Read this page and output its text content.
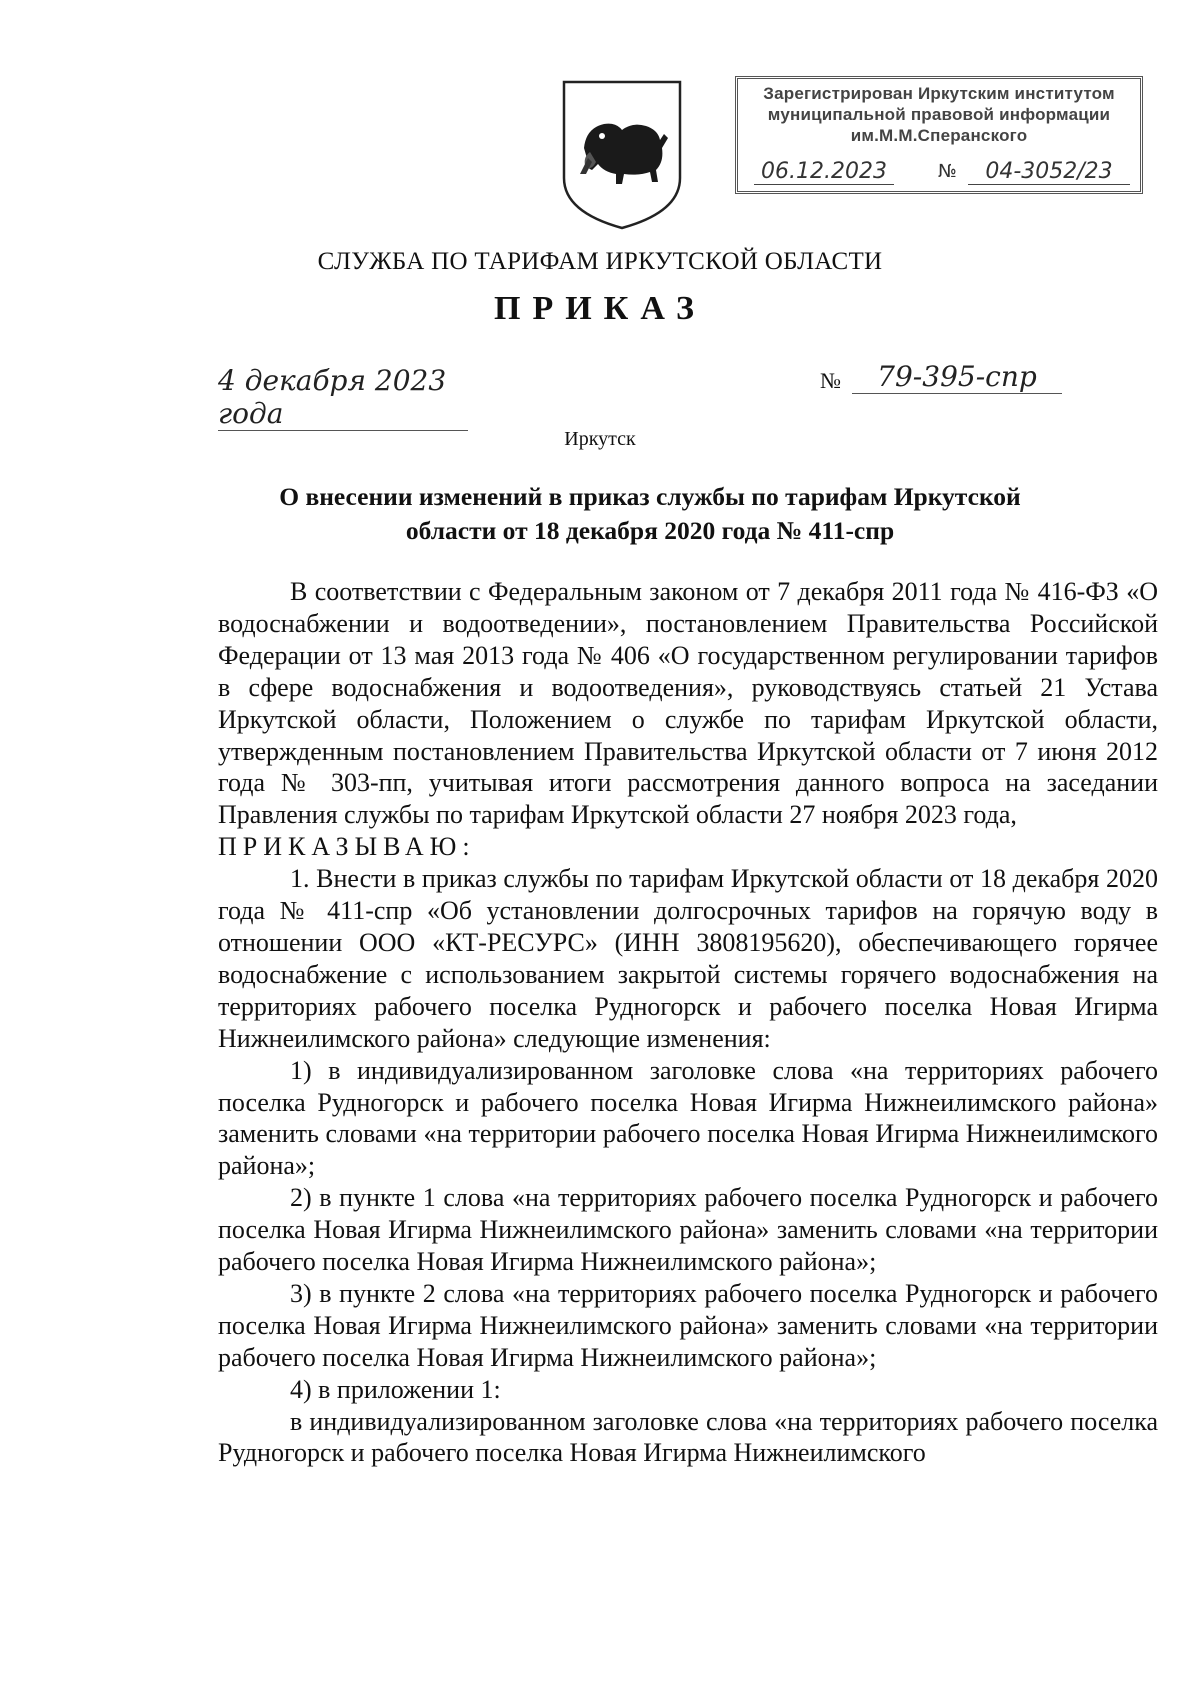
Зарегистрирован Иркутским институтом
муниципальной правовой информации
им.М.М.Сперанского
06.12.2023	№	04-3052/23
СЛУЖБА ПО ТАРИФАМ ИРКУТСКОЙ ОБЛАСТИ
ПРИКАЗ
4 декабря 2023 года
№	79-395-спр
Иркутск
О внесении изменений в приказ службы по тарифам Иркутской
области от 18 декабря 2020 года № 411-спр

В соответствии с Федеральным законом от 7 декабря 2011 года № 416-ФЗ «О водоснабжении и водоотведении», постановлением Правительства Российской Федерации от 13 мая 2013 года № 406 «О государственном регулировании тарифов в сфере водоснабжения и водоотведения», руководствуясь статьей 21 Устава Иркутской области, Положением о службе по тарифам Иркутской области, утвержденным постановлением Правительства Иркутской области от 7 июня 2012 года № 303-пп, учитывая итоги рассмотрения данного вопроса на заседании Правления службы по тарифам Иркутской области 27 ноября 2023 года,

ПРИКАЗЫВАЮ:

1. Внести в приказ службы по тарифам Иркутской области от 18 декабря 2020 года № 411-спр «Об установлении долгосрочных тарифов на горячую воду в отношении ООО «КТ-РЕСУРС» (ИНН 3808195620), обеспечивающего горячее водоснабжение с использованием закрытой системы горячего водоснабжения на территориях рабочего поселка Рудногорск и рабочего поселка Новая Игирма Нижнеилимского района» следующие изменения:

1) в индивидуализированном заголовке слова «на территориях рабочего поселка Рудногорск и рабочего поселка Новая Игирма Нижнеилимского района» заменить словами «на территории рабочего поселка Новая Игирма Нижнеилимского района»;

2) в пункте 1 слова «на территориях рабочего поселка Рудногорск и рабочего поселка Новая Игирма Нижнеилимского района» заменить словами «на территории рабочего поселка Новая Игирма Нижнеилимского района»;

3) в пункте 2 слова «на территориях рабочего поселка Рудногорск и рабочего поселка Новая Игирма Нижнеилимского района» заменить словами «на территории рабочего поселка Новая Игирма Нижнеилимского района»;

4) в приложении 1:

в индивидуализированном заголовке слова «на территориях рабочего поселка Рудногорск и рабочего поселка Новая Игирма Нижнеилимского
